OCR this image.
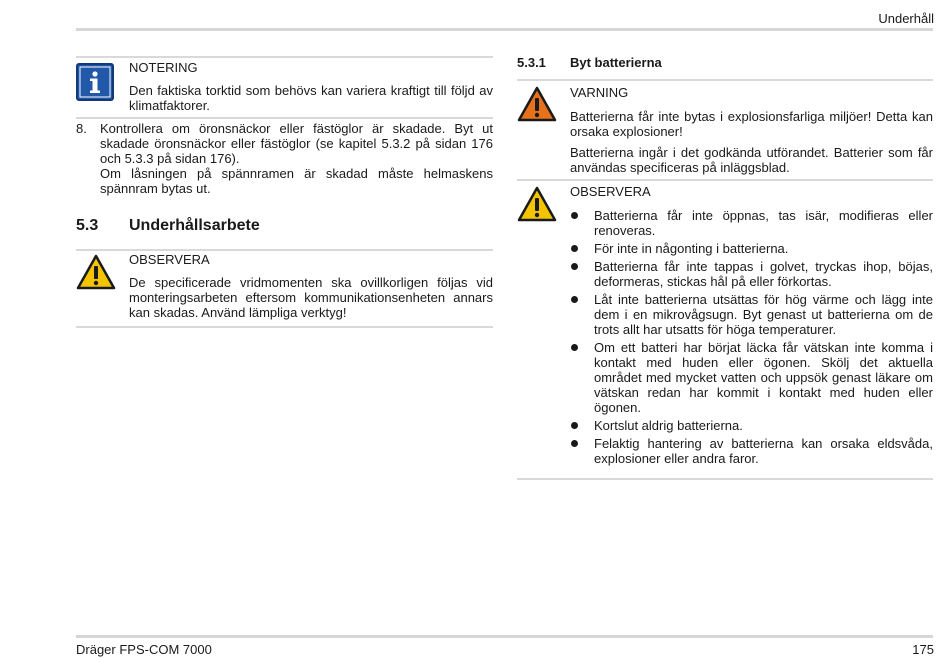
Underhåll
NOTERING
Den faktiska torktid som behövs kan variera kraftigt till följd av klimatfaktorer.
8. Kontrollera om öronsnäckor eller fästöglor är skadade. Byt ut skadade öronsnäckor eller fästöglor (se kapitel 5.3.2 på sidan 176 och 5.3.3 på sidan 176).

Om låsningen på spännramen är skadad måste helmaskens spännram bytas ut.

5.3 Underhållsarbete
OBSERVERA
De specificerade vridmomenten ska ovillkorligen följas vid monteringsarbeten eftersom kommunikationsenheten annars kan skadas. Använd lämpliga verktyg!
5.3.1 Byt batterierna
VARNING
Batterierna får inte bytas i explosionsfarliga miljöer! Detta kan orsaka explosioner!
Batterierna ingår i det godkända utförandet. Batterier som får användas specificeras på inläggsblad.
OBSERVERA
Batterierna får inte öppnas, tas isär, modifieras eller renoveras.
För inte in någonting i batterierna.
Batterierna får inte tappas i golvet, tryckas ihop, böjas, deformeras, stickas hål på eller förkortas.
Låt inte batterierna utsättas för hög värme och lägg inte dem i en mikrovågsugn. Byt genast ut batterierna om de trots allt har utsatts för höga temperaturer.
Om ett batteri har börjat läcka får vätskan inte komma i kontakt med huden eller ögonen. Skölj det aktuella området med mycket vatten och uppsök genast läkare om vätskan redan har kommit i kontakt med huden eller ögonen.
Kortslut aldrig batterierna.
Felaktig hantering av batterierna kan orsaka eldsvåda, explosioner eller andra faror.
Dräger FPS-COM 7000	175
